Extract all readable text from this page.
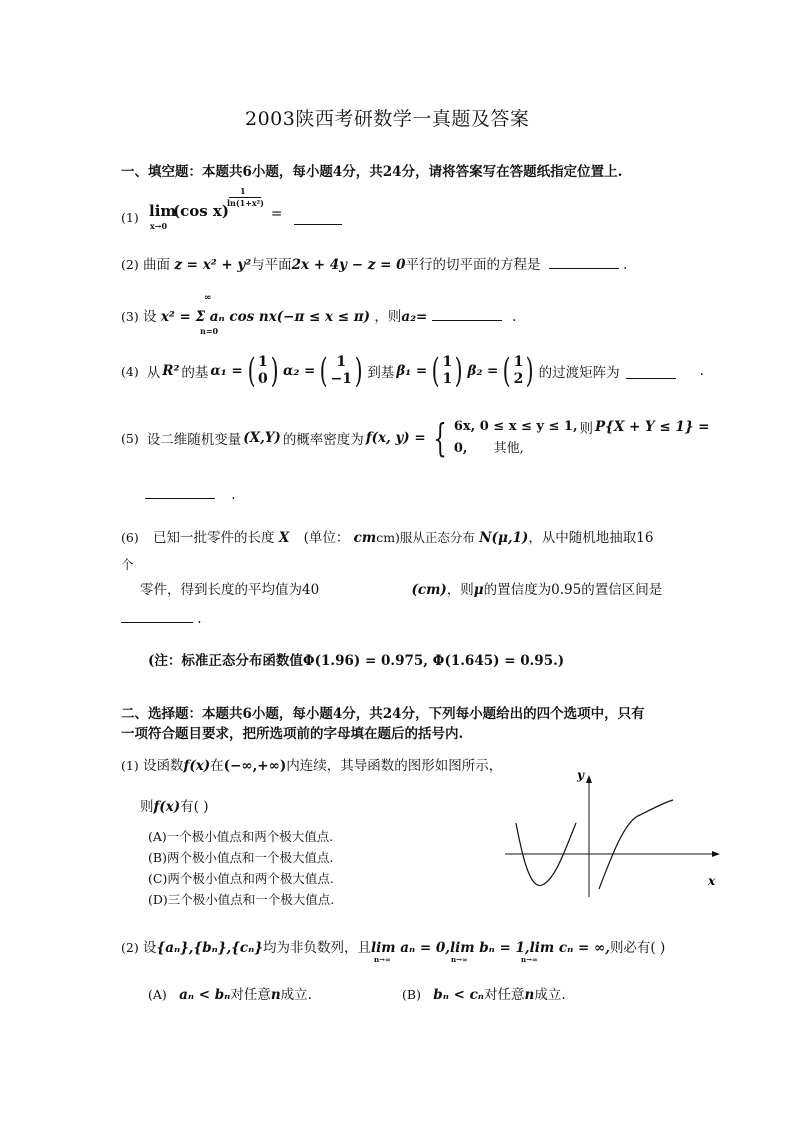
2003陕西考研数学一真题及答案
一、填空题：本题共6小题，每小题4分，共24分，请将答案写在答题纸指定位置上.
(1) lim
x→0
(cos x)
1
ln(1+x²)
=
(2) 曲面 z = x² + y²与平面2x + 4y − z = 0平行的切平面的方程是	.
(3) 设 x² = Σ aₙ cos nx(−π ≤ x ≤ π) ，则a₂=	.
∞
n=0
(4) 从 R² 的基 α₁ = ( 1
0) α₂ = ( 1
−1) 到基 β₁ = ( 1
1) β₂ = ( 1
2) 的过渡矩阵为	.
(5) 设二维随机变量 (X,Y) 的概率密度为 f(x, y) = { 6x, 0 ≤ x ≤ y ≤ 1,
0, 其他,
则 P{X + Y ≤ 1} =
.
(6) 已知一批零件的长度 X (单位： cmcm)服从正态分布 N(μ,1)，从中随机地抽取16
个
零件，得到长度的平均值为40	(cm)，则μ的置信度为0.95的置信区间是
.
(注：标准正态分布函数值Φ(1.96) = 0.975, Φ(1.645) = 0.95.)
二、选择题：本题共6小题，每小题4分，共24分，下列每小题给出的四个选项中，只有
一项符合题目要求，把所选项前的字母填在题后的括号内.
(1) 设函数f(x)在(−∞,+∞)内连续，其导函数的图形如图所示，
则f(x)有( )
(A)一个极小值点和两个极大值点.
(B)两个极小值点和一个极大值点.
(C)两个极小值点和两个极大值点.
(D)三个极小值点和一个极大值点.
x
y
(2) 设{aₙ},{bₙ},{cₙ}均为非负数列，且lim aₙ = 0,lim bₙ = 1,lim cₙ = ∞,则必有( )
n→∞	n→∞	n→∞
(A) aₙ < bₙ对任意n成立.	(B) bₙ < cₙ对任意n成立.
